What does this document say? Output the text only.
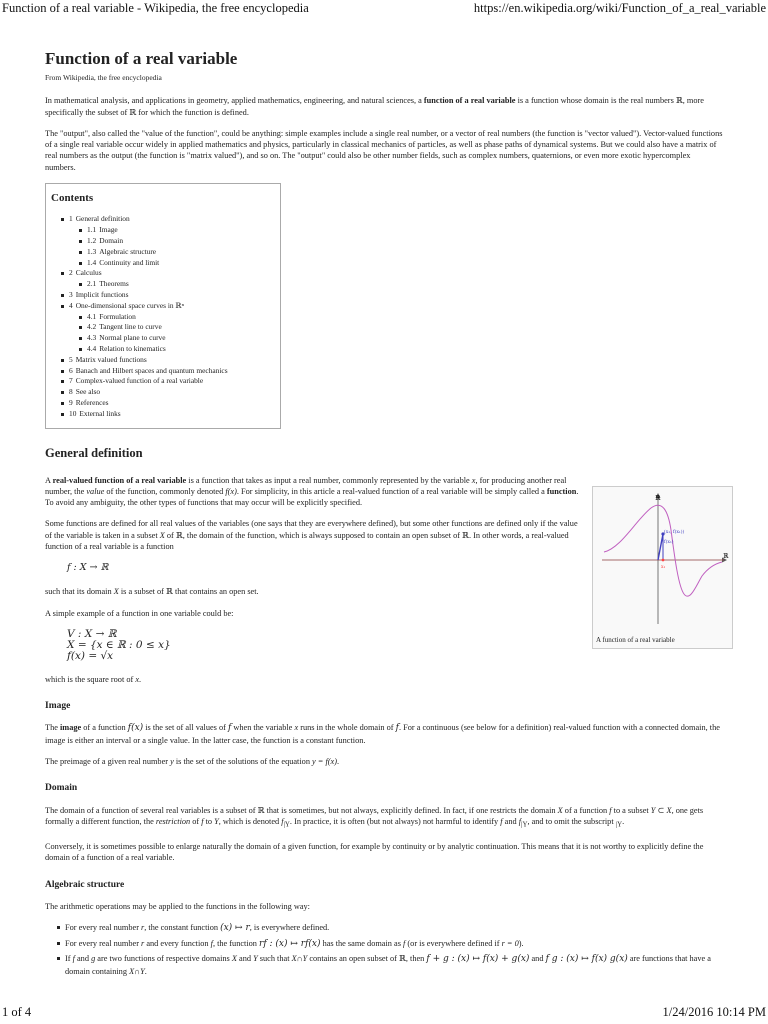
Function of a real variable - Wikipedia, the free encyclopedia	https://en.wikipedia.org/wiki/Function_of_a_real_variable
Function of a real variable
From Wikipedia, the free encyclopedia

In mathematical analysis, and applications in geometry, applied mathematics, engineering, and natural sciences, a function of a real variable is a function whose domain is the real numbers ℝ, more specifically the subset of ℝ for which the function is defined.

The "output", also called the "value of the function", could be anything: simple examples include a single real number, or a vector of real numbers (the function is "vector valued"). Vector-valued functions of a single real variable occur widely in applied mathematics and physics, particularly in classical mechanics of particles, as well as phase paths of dynamical systems. But we could also have a matrix of real numbers as the output (the function is "matrix valued"), and so on. The "output" could also be other number fields, such as complex numbers, quaternions, or even more exotic hypercomplex numbers.

Contents
1 General definition
1.1 Image
1.2 Domain
1.3 Algebraic structure
1.4 Continuity and limit
2 Calculus
2.1 Theorems
3 Implicit functions
4 One-dimensional space curves in ℝⁿ
4.1 Formulation
4.2 Tangent line to curve
4.3 Normal plane to curve
4.4 Relation to kinematics
5 Matrix valued functions
6 Banach and Hilbert spaces and quantum mechanics
7 Complex-valued function of a real variable
8 See also
9 References
10 External links
General definition

A real-valued function of a real variable is a function that takes as input a real number, commonly represented by the variable x, for producing another real number, the value of the function, commonly denoted f(x). For simplicity, in this article a real-valued function of a real variable will be simply called a function. To avoid any ambiguity, the other types of functions that may occur will be explicitly specified.

Some functions are defined for all real values of the variables (one says that they are everywhere defined), but some other functions are defined only if the value of the variable is taken in a subset X of ℝ, the domain of the function, which is always supposed to contain an open subset of ℝ. In other words, a real-valued function of a real variable is a function

f : X → ℝ

such that its domain X is a subset of ℝ that contains an open set.

A simple example of a function in one variable could be:

V : X → ℝ
X = {x ∈ ℝ : 0 ≤ x}
f(x) = √x

which is the square root of x.

ℝ
ℝ
(x₁, f(x₁))
f(x₁)
x₁
A function of a real variable
Image

The image of a function f(x) is the set of all values of f when the variable x runs in the whole domain of f. For a continuous (see below for a definition) real-valued function with a connected domain, the image is either an interval or a single value. In the latter case, the function is a constant function.

The preimage of a given real number y is the set of the solutions of the equation y = f(x).

Domain

The domain of a function of several real variables is a subset of ℝ that is sometimes, but not always, explicitly defined. In fact, if one restricts the domain X of a function f to a subset Y ⊂ X, one gets formally a different function, the restriction of f to Y, which is denoted $f_{|Y}$. In practice, it is often (but not always) not harmful to identify f and $f_{|Y}$, and to omit the subscript $_{|Y}$.

Conversely, it is sometimes possible to enlarge naturally the domain of a given function, for example by continuity or by analytic continuation. This means that it is not worthy to explicitly define the domain of a function of a real variable.

Algebraic structure

The arithmetic operations may be applied to the functions in the following way:

For every real number r, the constant function (x) ↦ r, is everywhere defined.
For every real number r and every function f, the function rf : (x) ↦ rf(x) has the same domain as f (or is everywhere defined if r = 0).
If f and g are two functions of respective domains X and Y such that X∩Y contains an open subset of ℝ, then f + g : (x) ↦ f(x) + g(x) and f g : (x) ↦ f(x) g(x) are functions that have a domain containing X∩Y.
1 of 4	1/24/2016 10:14 PM
